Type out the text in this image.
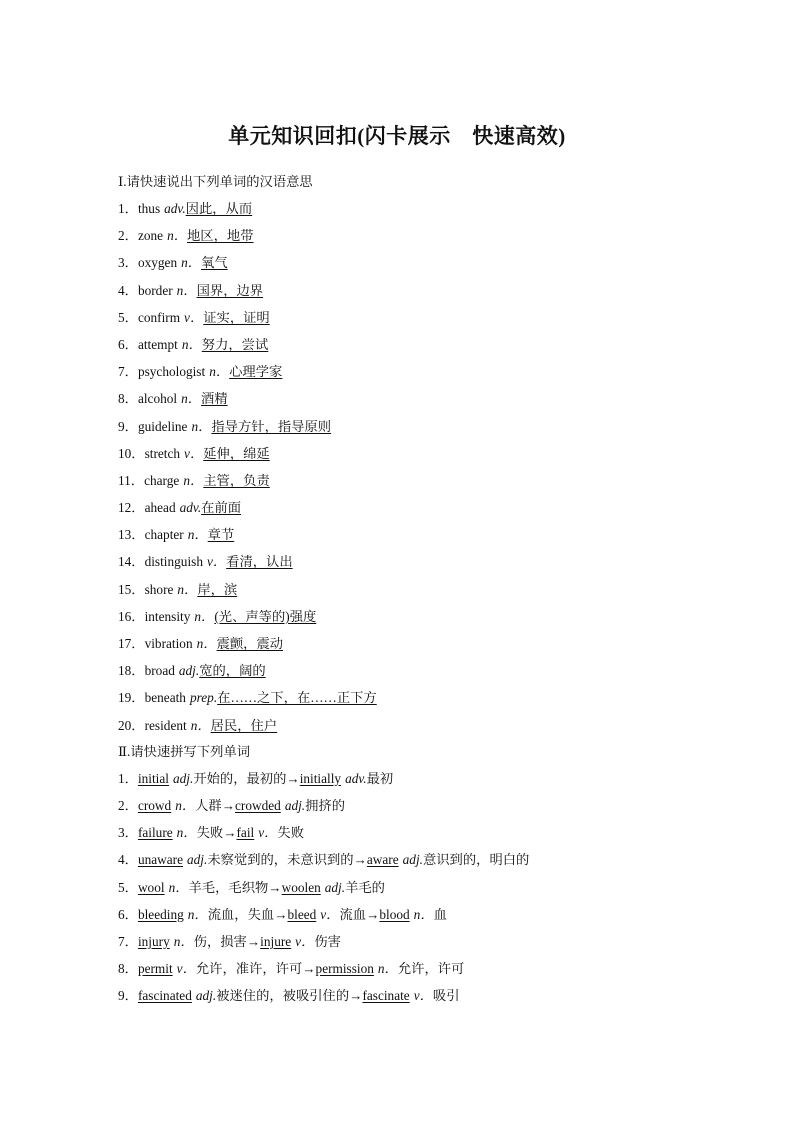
单元知识回扣(闪卡展示　快速高效)
Ⅰ.请快速说出下列单词的汉语意思
1．thus adv.因此，从而
2．zone n．地区，地带
3．oxygen n．氧气
4．border n．国界，边界
5．confirm v．证实，证明
6．attempt n．努力，尝试
7．psychologist n．心理学家
8．alcohol n．酒精
9．guideline n．指导方针，指导原则
10．stretch v．延伸，绵延
11．charge n．主管，负责
12．ahead adv.在前面
13．chapter n．章节
14．distinguish v．看清，认出
15．shore n．岸，滨
16．intensity n．(光、声等的)强度
17．vibration n．震颤，震动
18．broad adj.宽的，阔的
19．beneath prep.在……之下，在……正下方
20．resident n．居民，住户
Ⅱ.请快速拼写下列单词
1．initial adj.开始的，最初的→initially adv.最初
2．crowd n．人群→crowded adj.拥挤的
3．failure n．失败→fail v．失败
4．unaware adj.未察觉到的，未意识到的→aware adj.意识到的，明白的
5．wool n．羊毛，毛织物→woolen adj.羊毛的
6．bleeding n．流血，失血→bleed v．流血→blood n．血
7．injury n．伤，损害→injure v．伤害
8．permit v．允许，准许，许可→permission n．允许，许可
9．fascinated adj.被迷住的，被吸引住的→fascinate v．吸引
